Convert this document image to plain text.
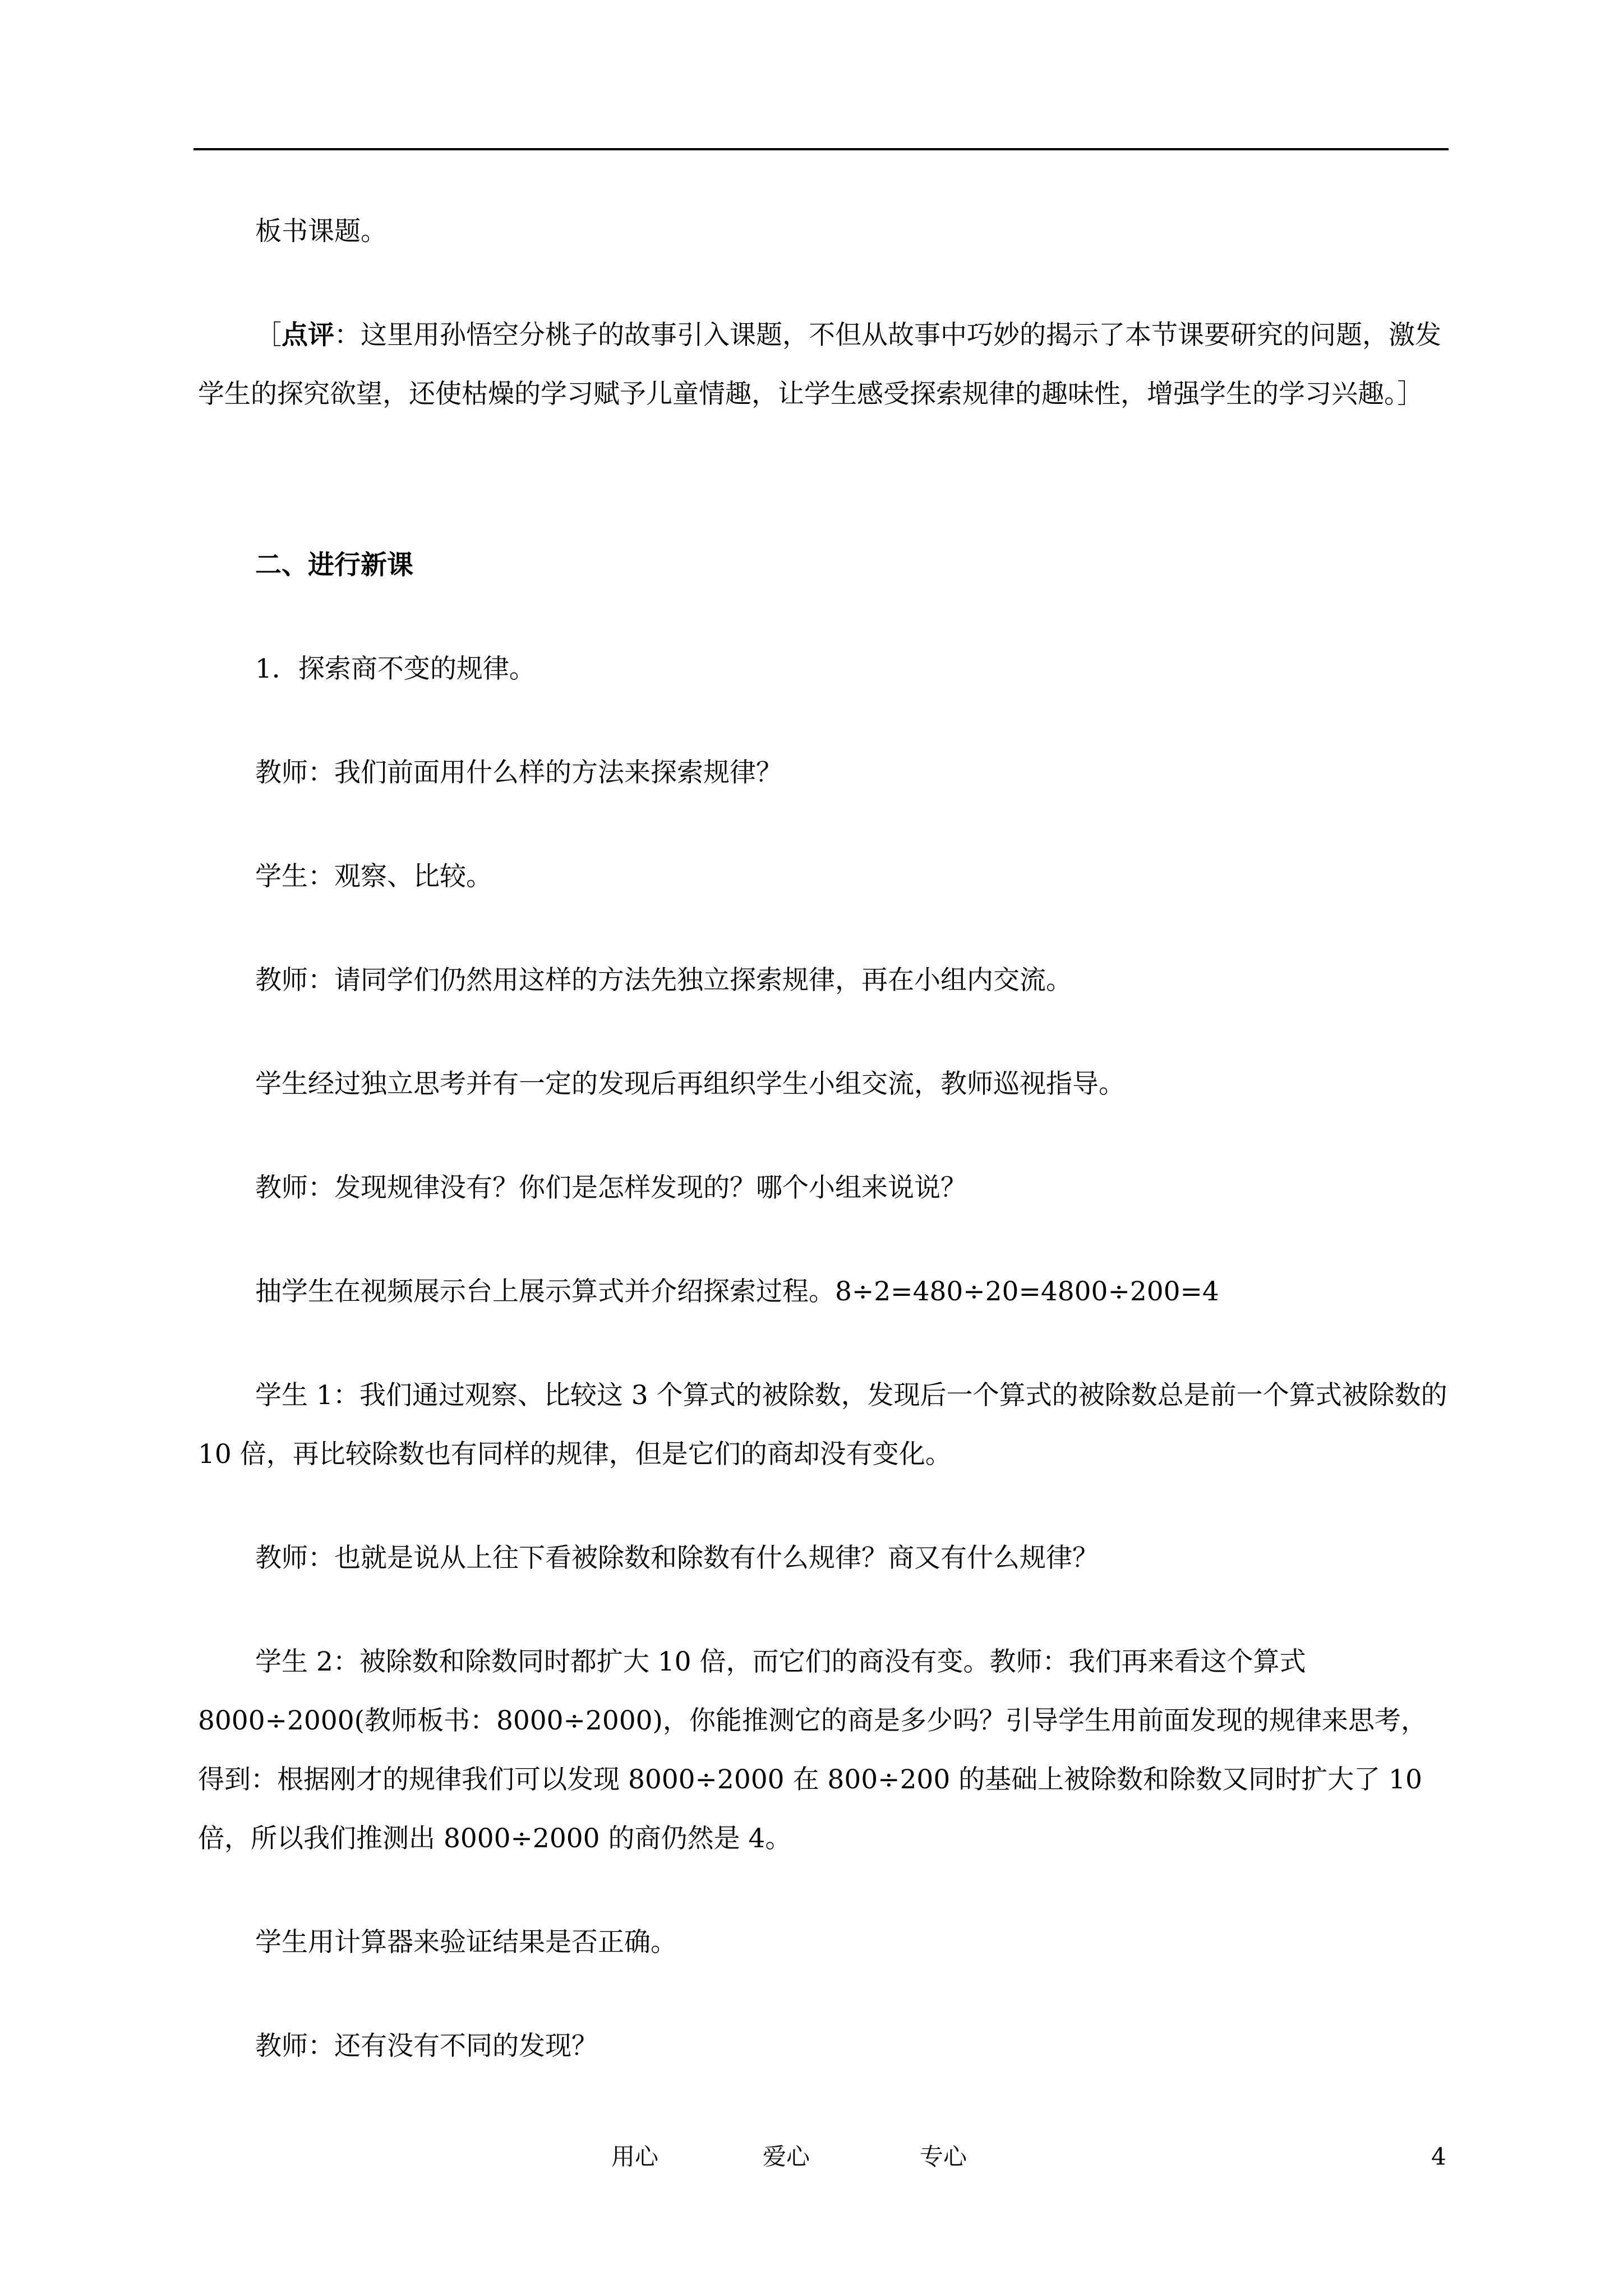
板书课题。

［点评：这里用孙悟空分桃子的故事引入课题，不但从故事中巧妙的揭示了本节课要研究的问题，激发学生的探究欲望，还使枯燥的学习赋予儿童情趣，让学生感受探索规律的趣味性，增强学生的学习兴趣。］

二、进行新课

1．探索商不变的规律。

教师：我们前面用什么样的方法来探索规律？

学生：观察、比较。

教师：请同学们仍然用这样的方法先独立探索规律，再在小组内交流。

学生经过独立思考并有一定的发现后再组织学生小组交流，教师巡视指导。

教师：发现规律没有？你们是怎样发现的？哪个小组来说说？

抽学生在视频展示台上展示算式并介绍探索过程。8÷2=480÷20=4800÷200=4

学生 1：我们通过观察、比较这 3 个算式的被除数，发现后一个算式的被除数总是前一个算式被除数的 10 倍，再比较除数也有同样的规律，但是它们的商却没有变化。

教师：也就是说从上往下看被除数和除数有什么规律？商又有什么规律？

学生 2：被除数和除数同时都扩大 10 倍，而它们的商没有变。教师：我们再来看这个算式 8000÷2000(教师板书：8000÷2000)，你能推测它的商是多少吗？引导学生用前面发现的规律来思考，得到：根据刚才的规律我们可以发现 8000÷2000 在 800÷200 的基础上被除数和除数又同时扩大了 10 倍，所以我们推测出 8000÷2000 的商仍然是 4。

学生用计算器来验证结果是否正确。

教师：还有没有不同的发现？

用心	爱心	专心	4
